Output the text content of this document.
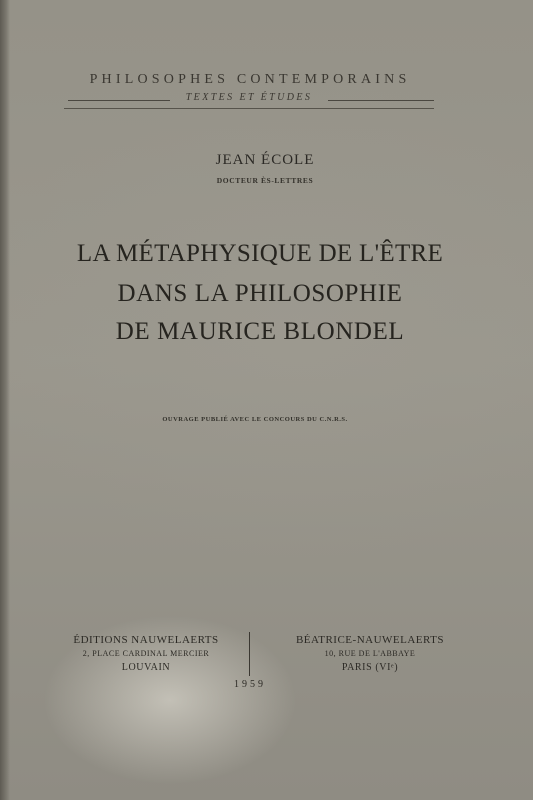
PHILOSOPHES CONTEMPORAINS
TEXTES ET ÉTUDES
JEAN ÉCOLE
DOCTEUR ÈS-LETTRES
LA MÉTAPHYSIQUE DE L'ÊTRE
DANS LA PHILOSOPHIE
DE MAURICE BLONDEL
OUVRAGE PUBLIÉ AVEC LE CONCOURS DU C.N.R.S.
ÉDITIONS NAUWELAERTS
2, PLACE CARDINAL MERCIER
LOUVAIN
BÉATRICE-NAUWELAERTS
10, RUE DE L'ABBAYE
PARIS (VIᵉ)
1959
